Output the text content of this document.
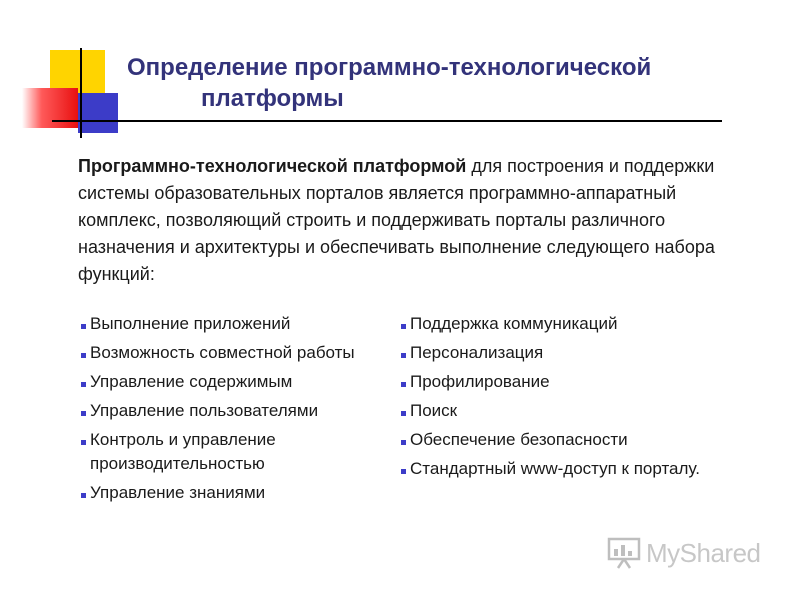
Определение программно-технологической
платформы

Программно-технологической платформой для построения и поддержки системы образовательных порталов является программно-аппаратный комплекс, позволяющий строить и поддерживать порталы различного назначения и архитектуры и обеспечивать выполнение следующего набора функций:

Выполнение приложений
Возможность совместной работы
Управление содержимым
Управление пользователями
Контроль и управление производительностью
Управление знаниями
Поддержка коммуникаций
Персонализация
Профилирование
Поиск
Обеспечение безопасности
Стандартный www-доступ к порталу.
MyShared
